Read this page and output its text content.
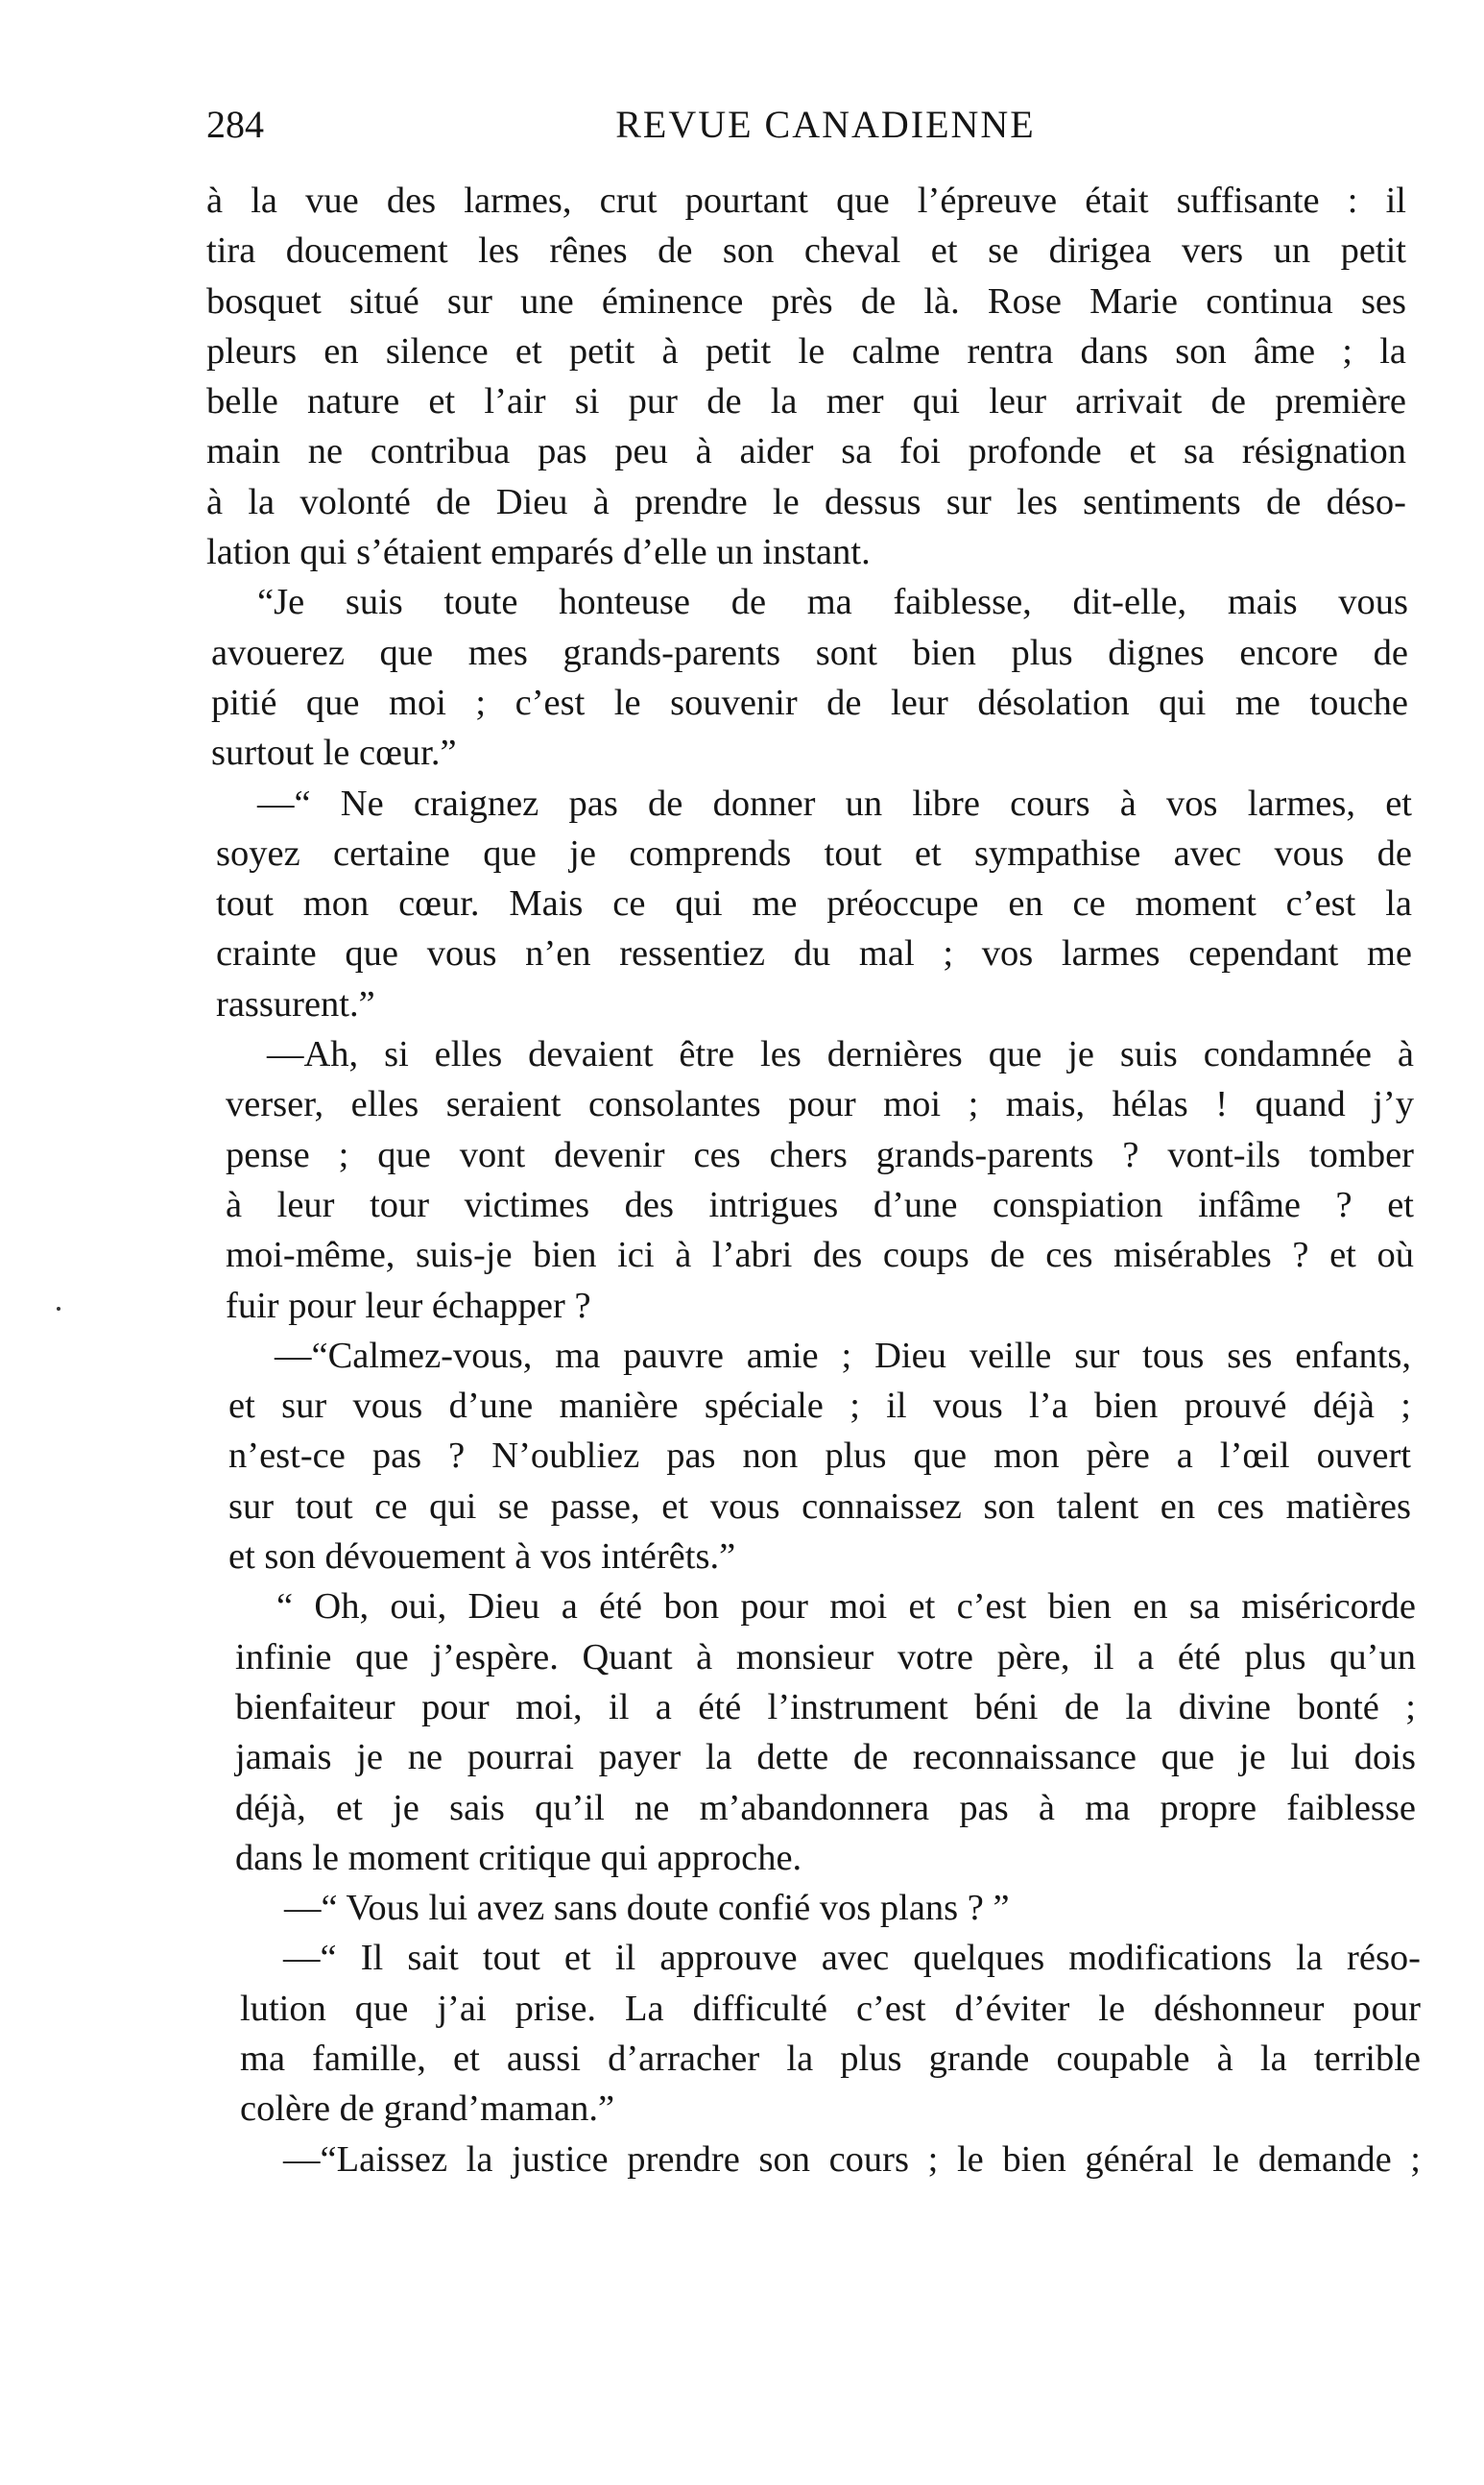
284	REVUE CANADIENNE
à la vue des larmes, crut pourtant que l’épreuve était suffisante : il
tira doucement les rênes de son cheval et se dirigea vers un petit
bosquet situé sur une éminence près de là. Rose Marie continua ses
pleurs en silence et petit à petit le calme rentra dans son âme ; la
belle nature et l’air si pur de la mer qui leur arrivait de première
main ne contribua pas peu à aider sa foi profonde et sa résignation
à la volonté de Dieu à prendre le dessus sur les sentiments de déso-
lation qui s’étaient emparés d’elle un instant.
“Je suis toute honteuse de ma faiblesse, dit-elle, mais vous
avouerez que mes grands-parents sont bien plus dignes encore de
pitié que moi ; c’est le souvenir de leur désolation qui me touche
surtout le cœur.”
—“ Ne craignez pas de donner un libre cours à vos larmes, et
soyez certaine que je comprends tout et sympathise avec vous de
tout mon cœur. Mais ce qui me préoccupe en ce moment c’est la
crainte que vous n’en ressentiez du mal ; vos larmes cependant me
rassurent.”
—Ah, si elles devaient être les dernières que je suis condamnée à
verser, elles seraient consolantes pour moi ; mais, hélas ! quand j’y
pense ; que vont devenir ces chers grands-parents ? vont-ils tomber
à leur tour victimes des intrigues d’une conspiation infâme ? et
moi-même, suis-je bien ici à l’abri des coups de ces misérables ? et où
fuir pour leur échapper ?
—“Calmez-vous, ma pauvre amie ; Dieu veille sur tous ses enfants,
et sur vous d’une manière spéciale ; il vous l’a bien prouvé déjà ;
n’est-ce pas ? N’oubliez pas non plus que mon père a l’œil ouvert
sur tout ce qui se passe, et vous connaissez son talent en ces matières
et son dévouement à vos intérêts.”
“ Oh, oui, Dieu a été bon pour moi et c’est bien en sa miséricorde
infinie que j’espère. Quant à monsieur votre père, il a été plus qu’un
bienfaiteur pour moi, il a été l’instrument béni de la divine bonté ;
jamais je ne pourrai payer la dette de reconnaissance que je lui dois
déjà, et je sais qu’il ne m’abandonnera pas à ma propre faiblesse
dans le moment critique qui approche.
—“ Vous lui avez sans doute confié vos plans ? ”
—“ Il sait tout et il approuve avec quelques modifications la réso-
lution que j’ai prise. La difficulté c’est d’éviter le déshonneur pour
ma famille, et aussi d’arracher la plus grande coupable à la terrible
colère de grand’maman.”
—“Laissez la justice prendre son cours ; le bien général le demande ;
